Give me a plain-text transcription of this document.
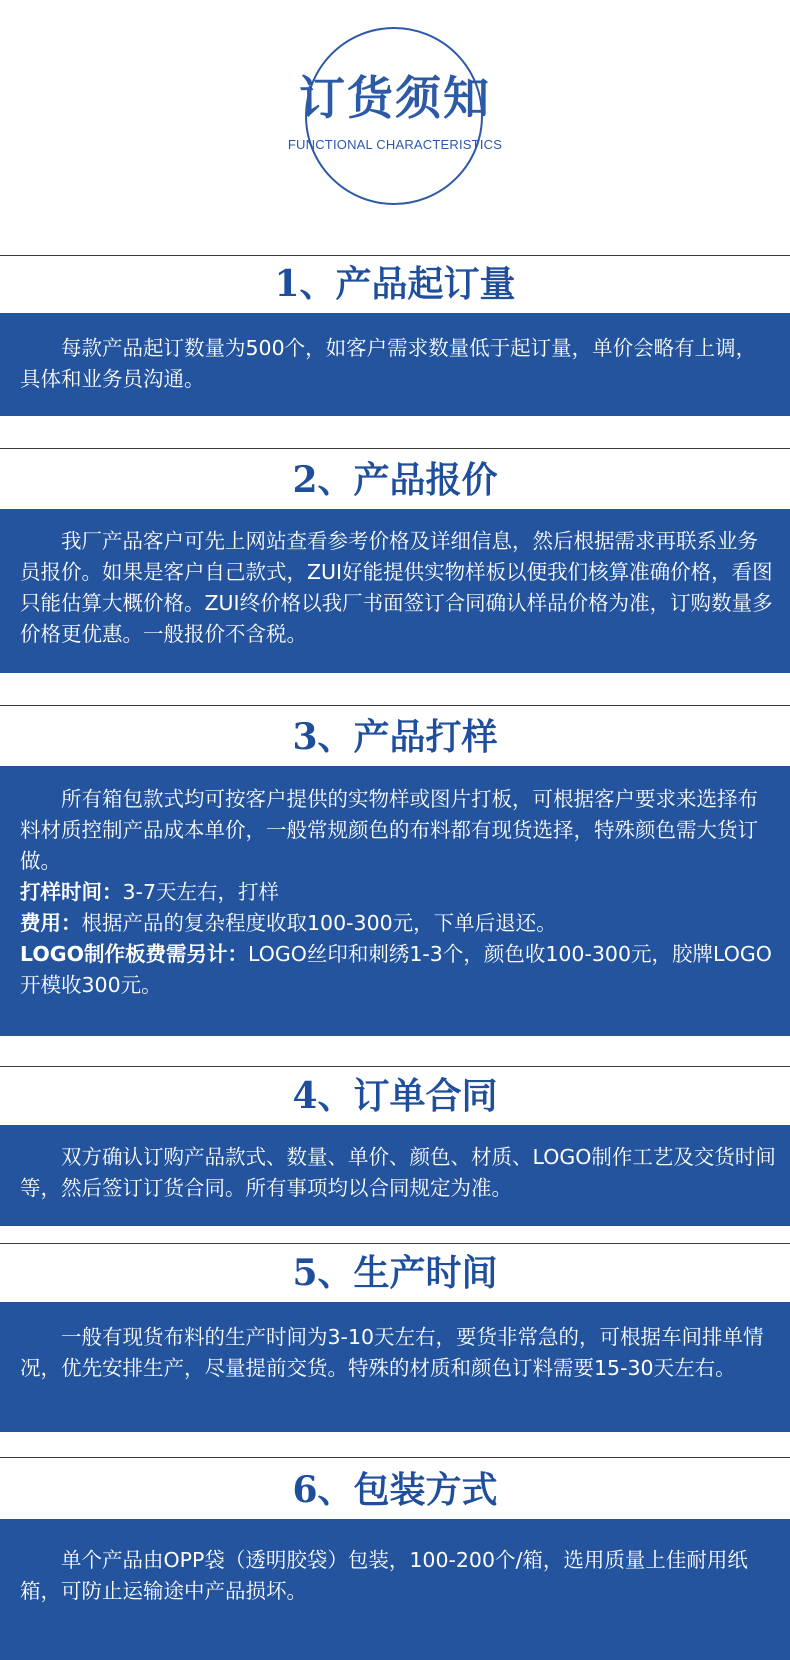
订货须知
FUNCTIONAL CHARACTERISTICS
1、产品起订量

每款产品起订数量为500个，如客户需求数量低于起订量，单价会略有上调，具体和业务员沟通。

2、产品报价

我厂产品客户可先上网站查看参考价格及详细信息，然后根据需求再联系业务员报价。如果是客户自己款式，ZUI好能提供实物样板以便我们核算准确价格，看图只能估算大概价格。ZUI终价格以我厂书面签订合同确认样品价格为准，订购数量多价格更优惠。一般报价不含税。

3、产品打样

所有箱包款式均可按客户提供的实物样或图片打板，可根据客户要求来选择布料材质控制产品成本单价，一般常规颜色的布料都有现货选择，特殊颜色需大货订做。

打样时间：3-7天左右，打样

费用：根据产品的复杂程度收取100-300元，下单后退还。

LOGO制作板费需另计：LOGO丝印和刺绣1-3个，颜色收100-300元，胶牌LOGO开模收300元。

4、订单合同

双方确认订购产品款式、数量、单价、颜色、材质、LOGO制作工艺及交货时间等，然后签订订货合同。所有事项均以合同规定为准。

5、生产时间

一般有现货布料的生产时间为3-10天左右，要货非常急的，可根据车间排单情况，优先安排生产，尽量提前交货。特殊的材质和颜色订料需要15-30天左右。

6、包装方式

单个产品由OPP袋（透明胶袋）包装，100-200个/箱，选用质量上佳耐用纸箱，可防止运输途中产品损坏。
